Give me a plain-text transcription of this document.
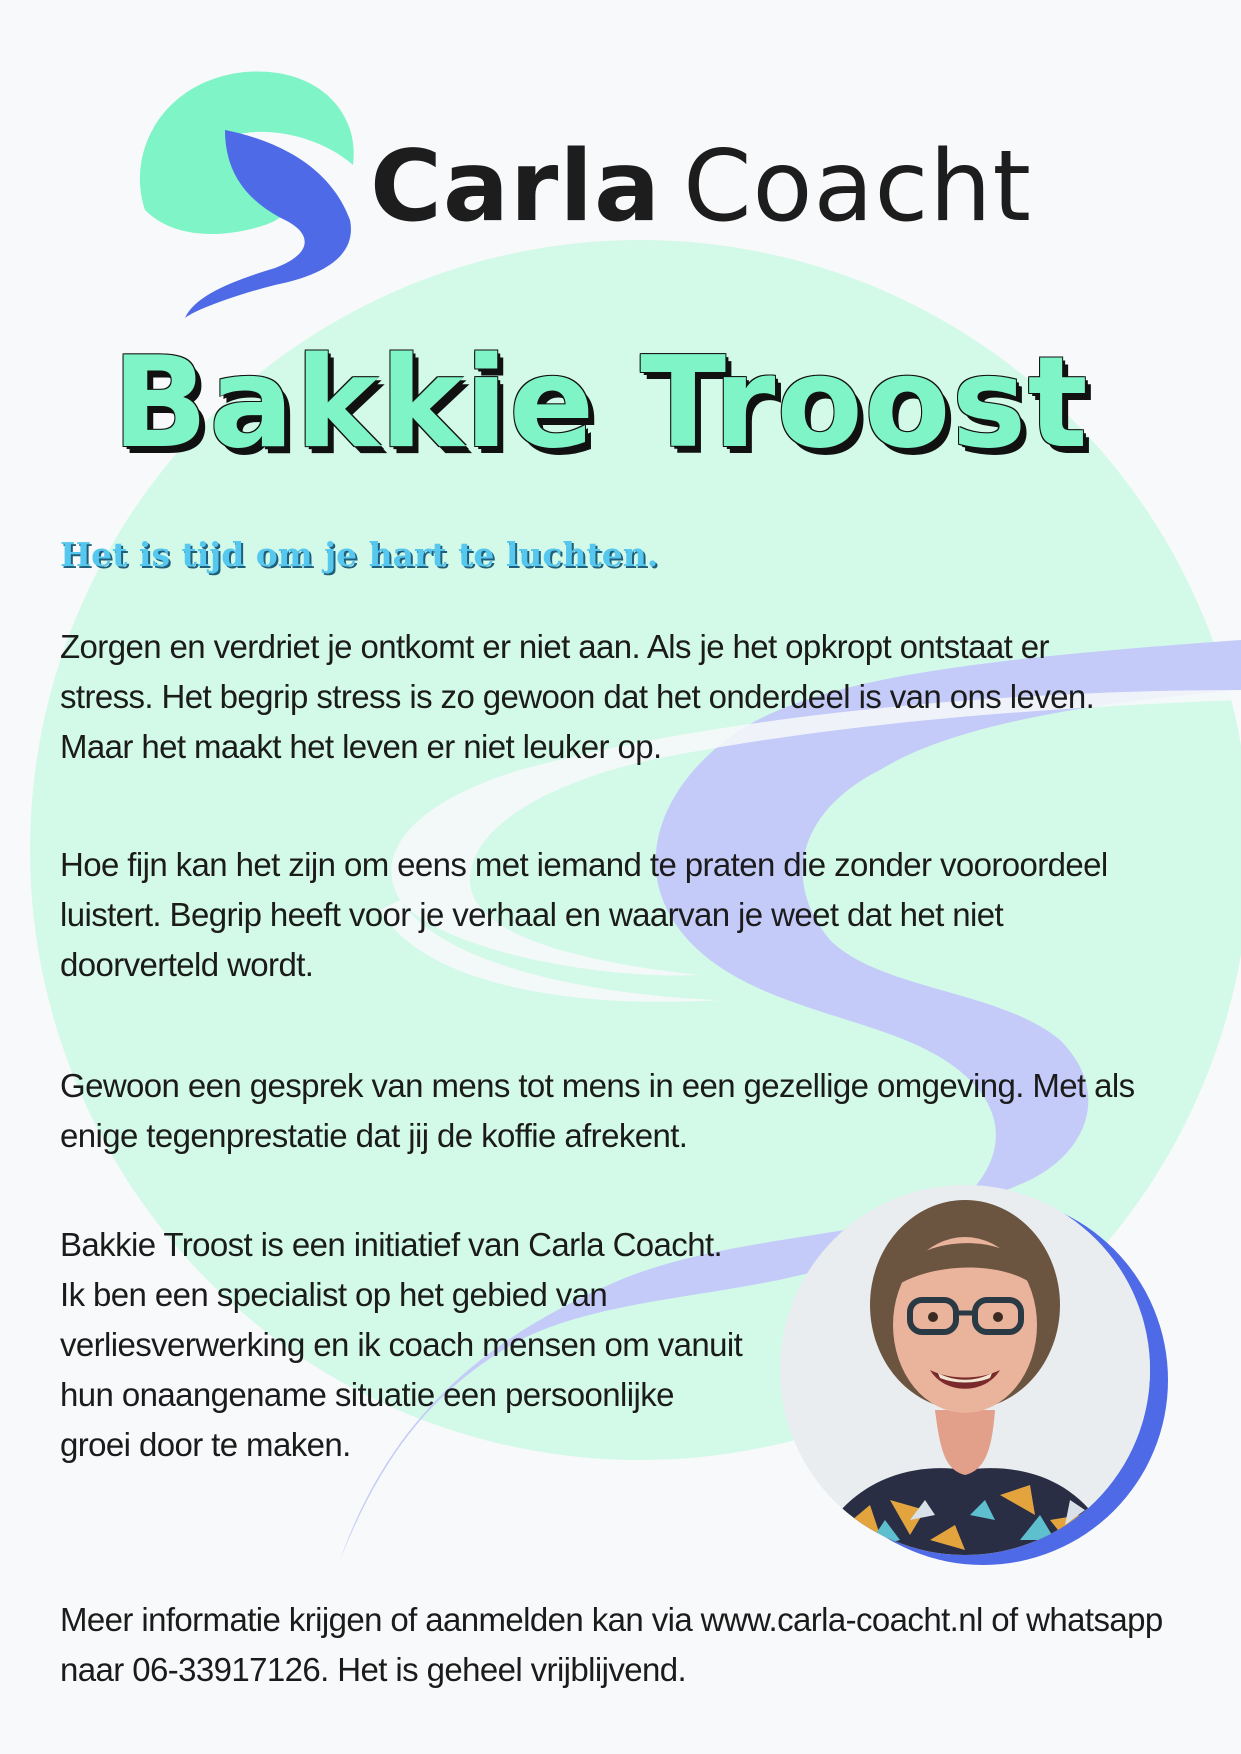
Carla Coacht
Bakkie Troost
Het is tijd om je hart te luchten.
Zorgen en verdriet je ontkomt er niet aan. Als je het opkropt ontstaat er
stress. Het begrip stress is zo gewoon dat het onderdeel is van ons leven.
Maar het maakt het leven er niet leuker op.
Hoe fijn kan het zijn om eens met iemand te praten die zonder vooroordeel
luistert. Begrip heeft voor je verhaal en waarvan je weet dat het niet
doorverteld wordt.
Gewoon een gesprek van mens tot mens in een gezellige omgeving. Met als
enige tegenprestatie dat jij de koffie afrekent.
Bakkie Troost is een initiatief van Carla Coacht.
Ik ben een specialist op het gebied van
verliesverwerking en ik coach mensen om vanuit
hun onaangename situatie een persoonlijke
groei door te maken.
Meer informatie krijgen of aanmelden kan via www.carla-coacht.nl of whatsapp
naar 06-33917126. Het is geheel vrijblijvend.
